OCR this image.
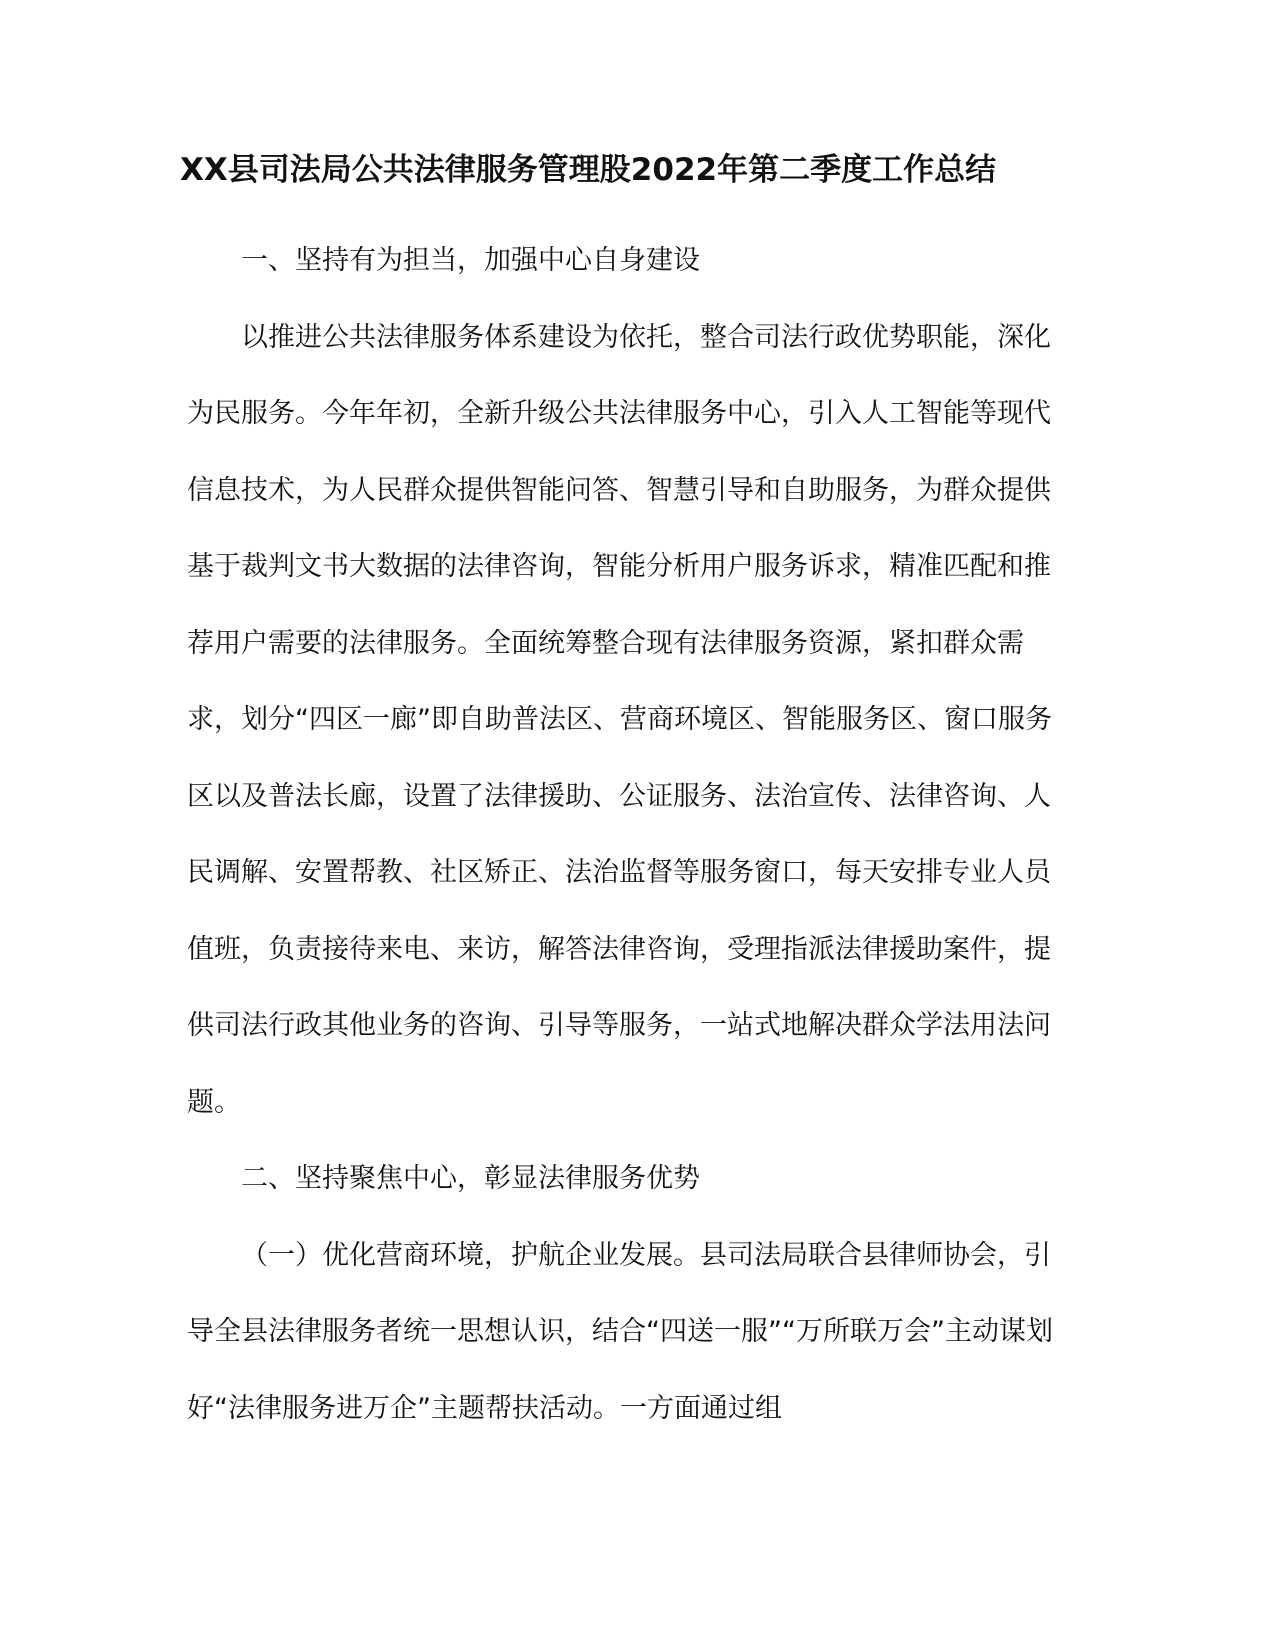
XX县司法局公共法律服务管理股2022年第二季度工作总结

一、坚持有为担当，加强中心自身建设

以推进公共法律服务体系建设为依托，整合司法行政优势职能，深化为民服务。今年年初，全新升级公共法律服务中心，引入人工智能等现代信息技术，为人民群众提供智能问答、智慧引导和自助服务，为群众提供基于裁判文书大数据的法律咨询，智能分析用户服务诉求，精准匹配和推荐用户需要的法律服务。全面统筹整合现有法律服务资源，紧扣群众需求，划分“四区一廊”即自助普法区、营商环境区、智能服务区、窗口服务区以及普法长廊，设置了法律援助、公证服务、法治宣传、法律咨询、人民调解、安置帮教、社区矫正、法治监督等服务窗口，每天安排专业人员值班，负责接待来电、来访，解答法律咨询，受理指派法律援助案件，提供司法行政其他业务的咨询、引导等服务，一站式地解决群众学法用法问题。

二、坚持聚焦中心，彰显法律服务优势

（一）优化营商环境，护航企业发展。县司法局联合县律师协会，引导全县法律服务者统一思想认识，结合“四送一服”“万所联万会”主动谋划好“法律服务进万企”主题帮扶活动。一方面通过组
